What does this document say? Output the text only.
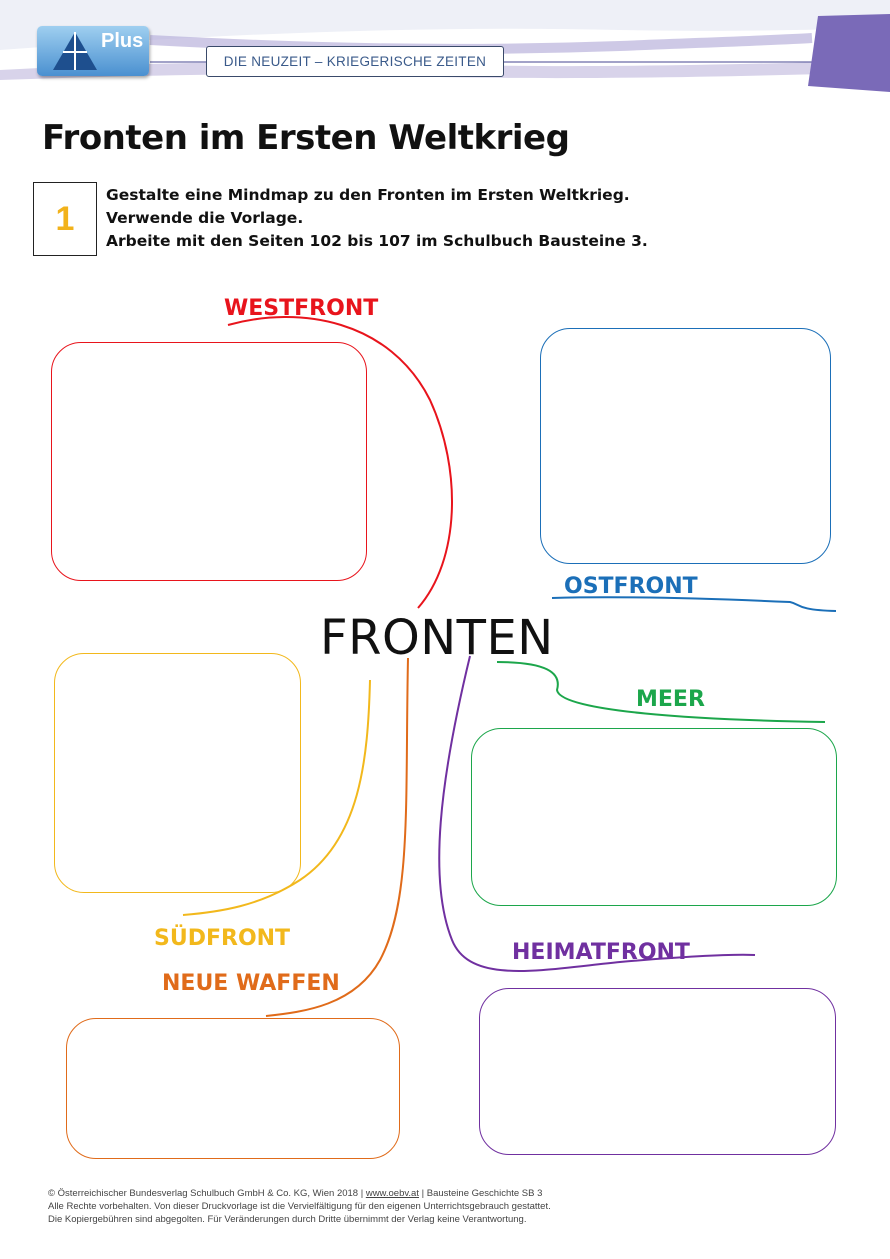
Plus
DIE NEUZEIT – KRIEGERISCHE ZEITEN
Fronten im Ersten Weltkrieg
1
Gestalte eine Mindmap zu den Fronten im Ersten Weltkrieg.
Verwende die Vorlage.
Arbeite mit den Seiten 102 bis 107 im Schulbuch Bausteine 3.
FRONTEN
WESTFRONT
OSTFRONT
MEER
SÜDFRONT
NEUE WAFFEN
HEIMATFRONT
© Österreichischer Bundesverlag Schulbuch GmbH & Co. KG, Wien 2018 | www.oebv.at | Bausteine Geschichte SB 3
Alle Rechte vorbehalten. Von dieser Druckvorlage ist die Vervielfältigung für den eigenen Unterrichtsgebrauch gestattet.
Die Kopiergebühren sind abgegolten. Für Veränderungen durch Dritte übernimmt der Verlag keine Verantwortung.
